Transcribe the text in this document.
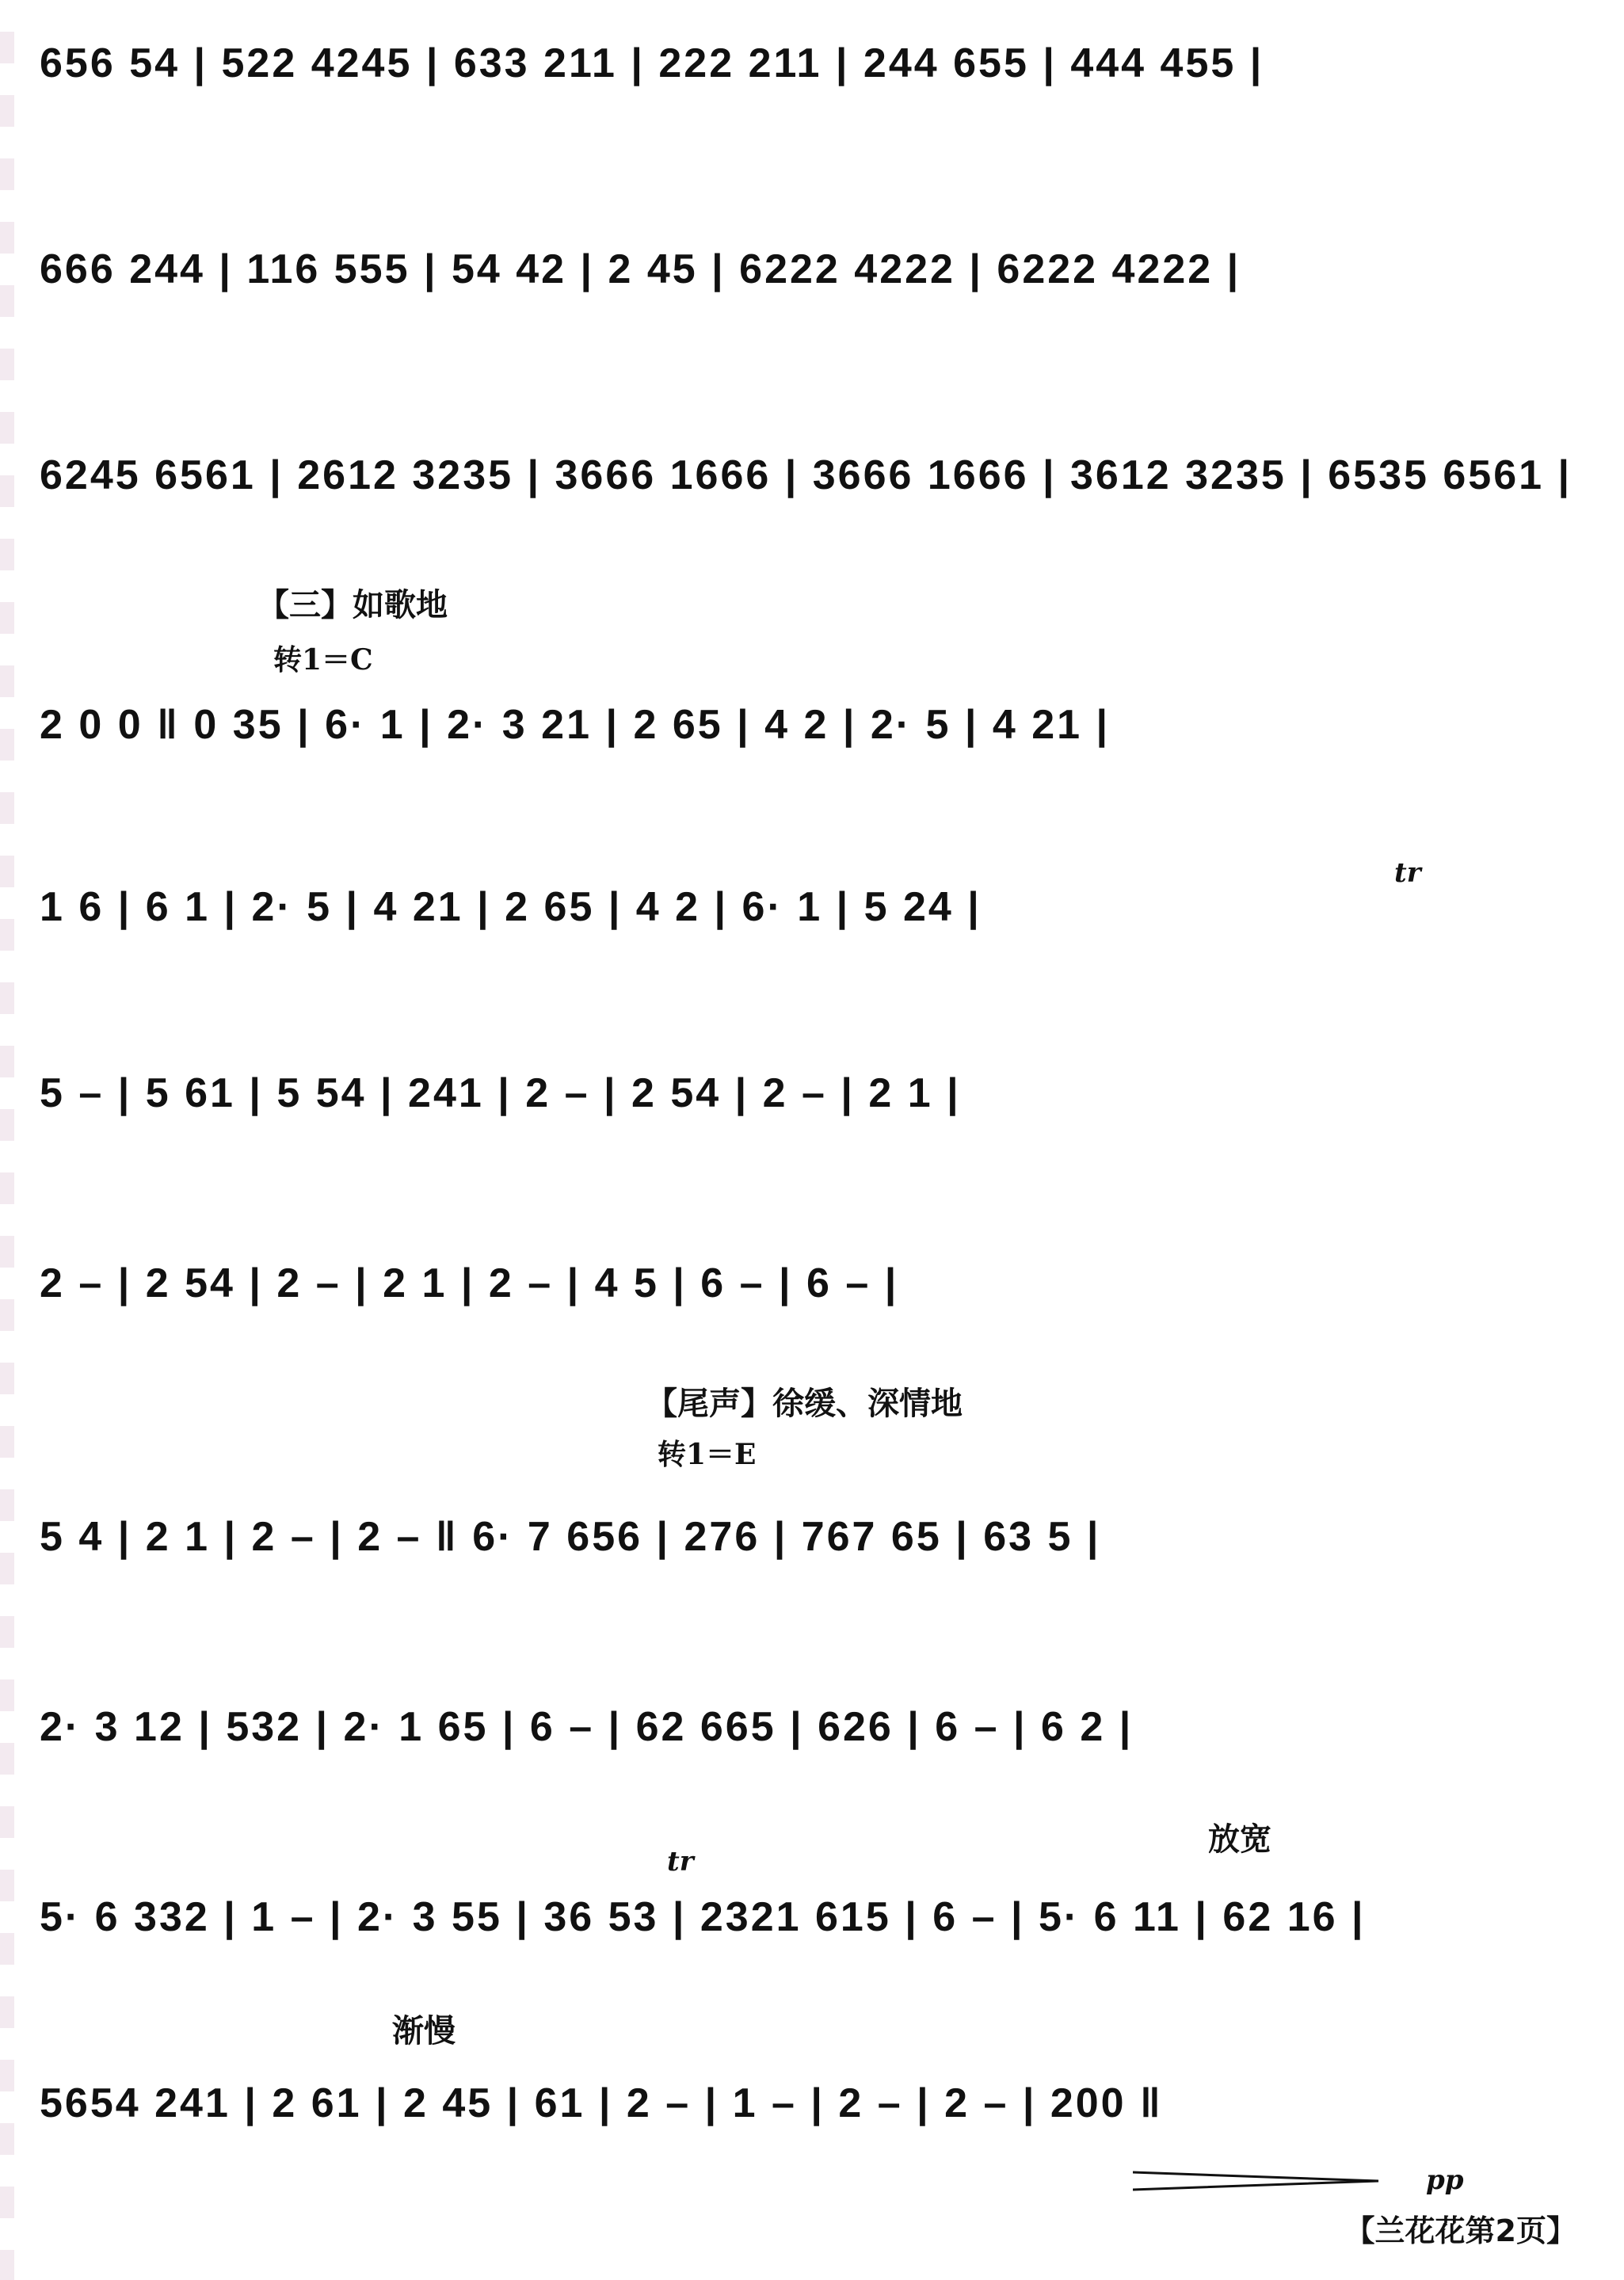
656 54 | 522 4245 | 633 211 | 222 211 | 244 655 | 444 455 |
666 244 | 116 555 | 54 42 | 2 45 | 6222 4222 | 6222 4222 |
6245 6561 | 2612 3235 | 3666 1666 | 3666 1666 | 3612 3235 | 6535 6561 |
【三】如歌地
转1＝C
2 0 0 ‖ 0 35 | 6· 1 | 2· 3 21 | 2 65 | 4 2 | 2· 5 | 4 21 |
tr
1 6 | 6 1 | 2· 5 | 4 21 | 2 65 | 4 2 | 6· 1 | 5 24 |
5 – | 5 61 | 5 54 | 241 | 2 – | 2 54 | 2 – | 2 1 |
2 – | 2 54 | 2 – | 2 1 | 2 – | 4 5 | 6 – | 6 – |
【尾声】徐缓、深情地
转1＝E
5 4 | 2 1 | 2 – | 2 – ‖ 6· 7 656 | 276 | 767 65 | 63 5 |
2· 3 12 | 532 | 2· 1 65 | 6 – | 62 665 | 626 | 6 – | 6 2 |
放宽
tr
5· 6 332 | 1 – | 2· 3 55 | 36 53 | 2321 615 | 6 – | 5· 6 11 | 62 16 |
渐慢
5654 241 | 2 61 | 2 45 | 61 | 2 – | 1 – | 2 – | 2 – | 200 ‖
pp
【兰花花第2页】
